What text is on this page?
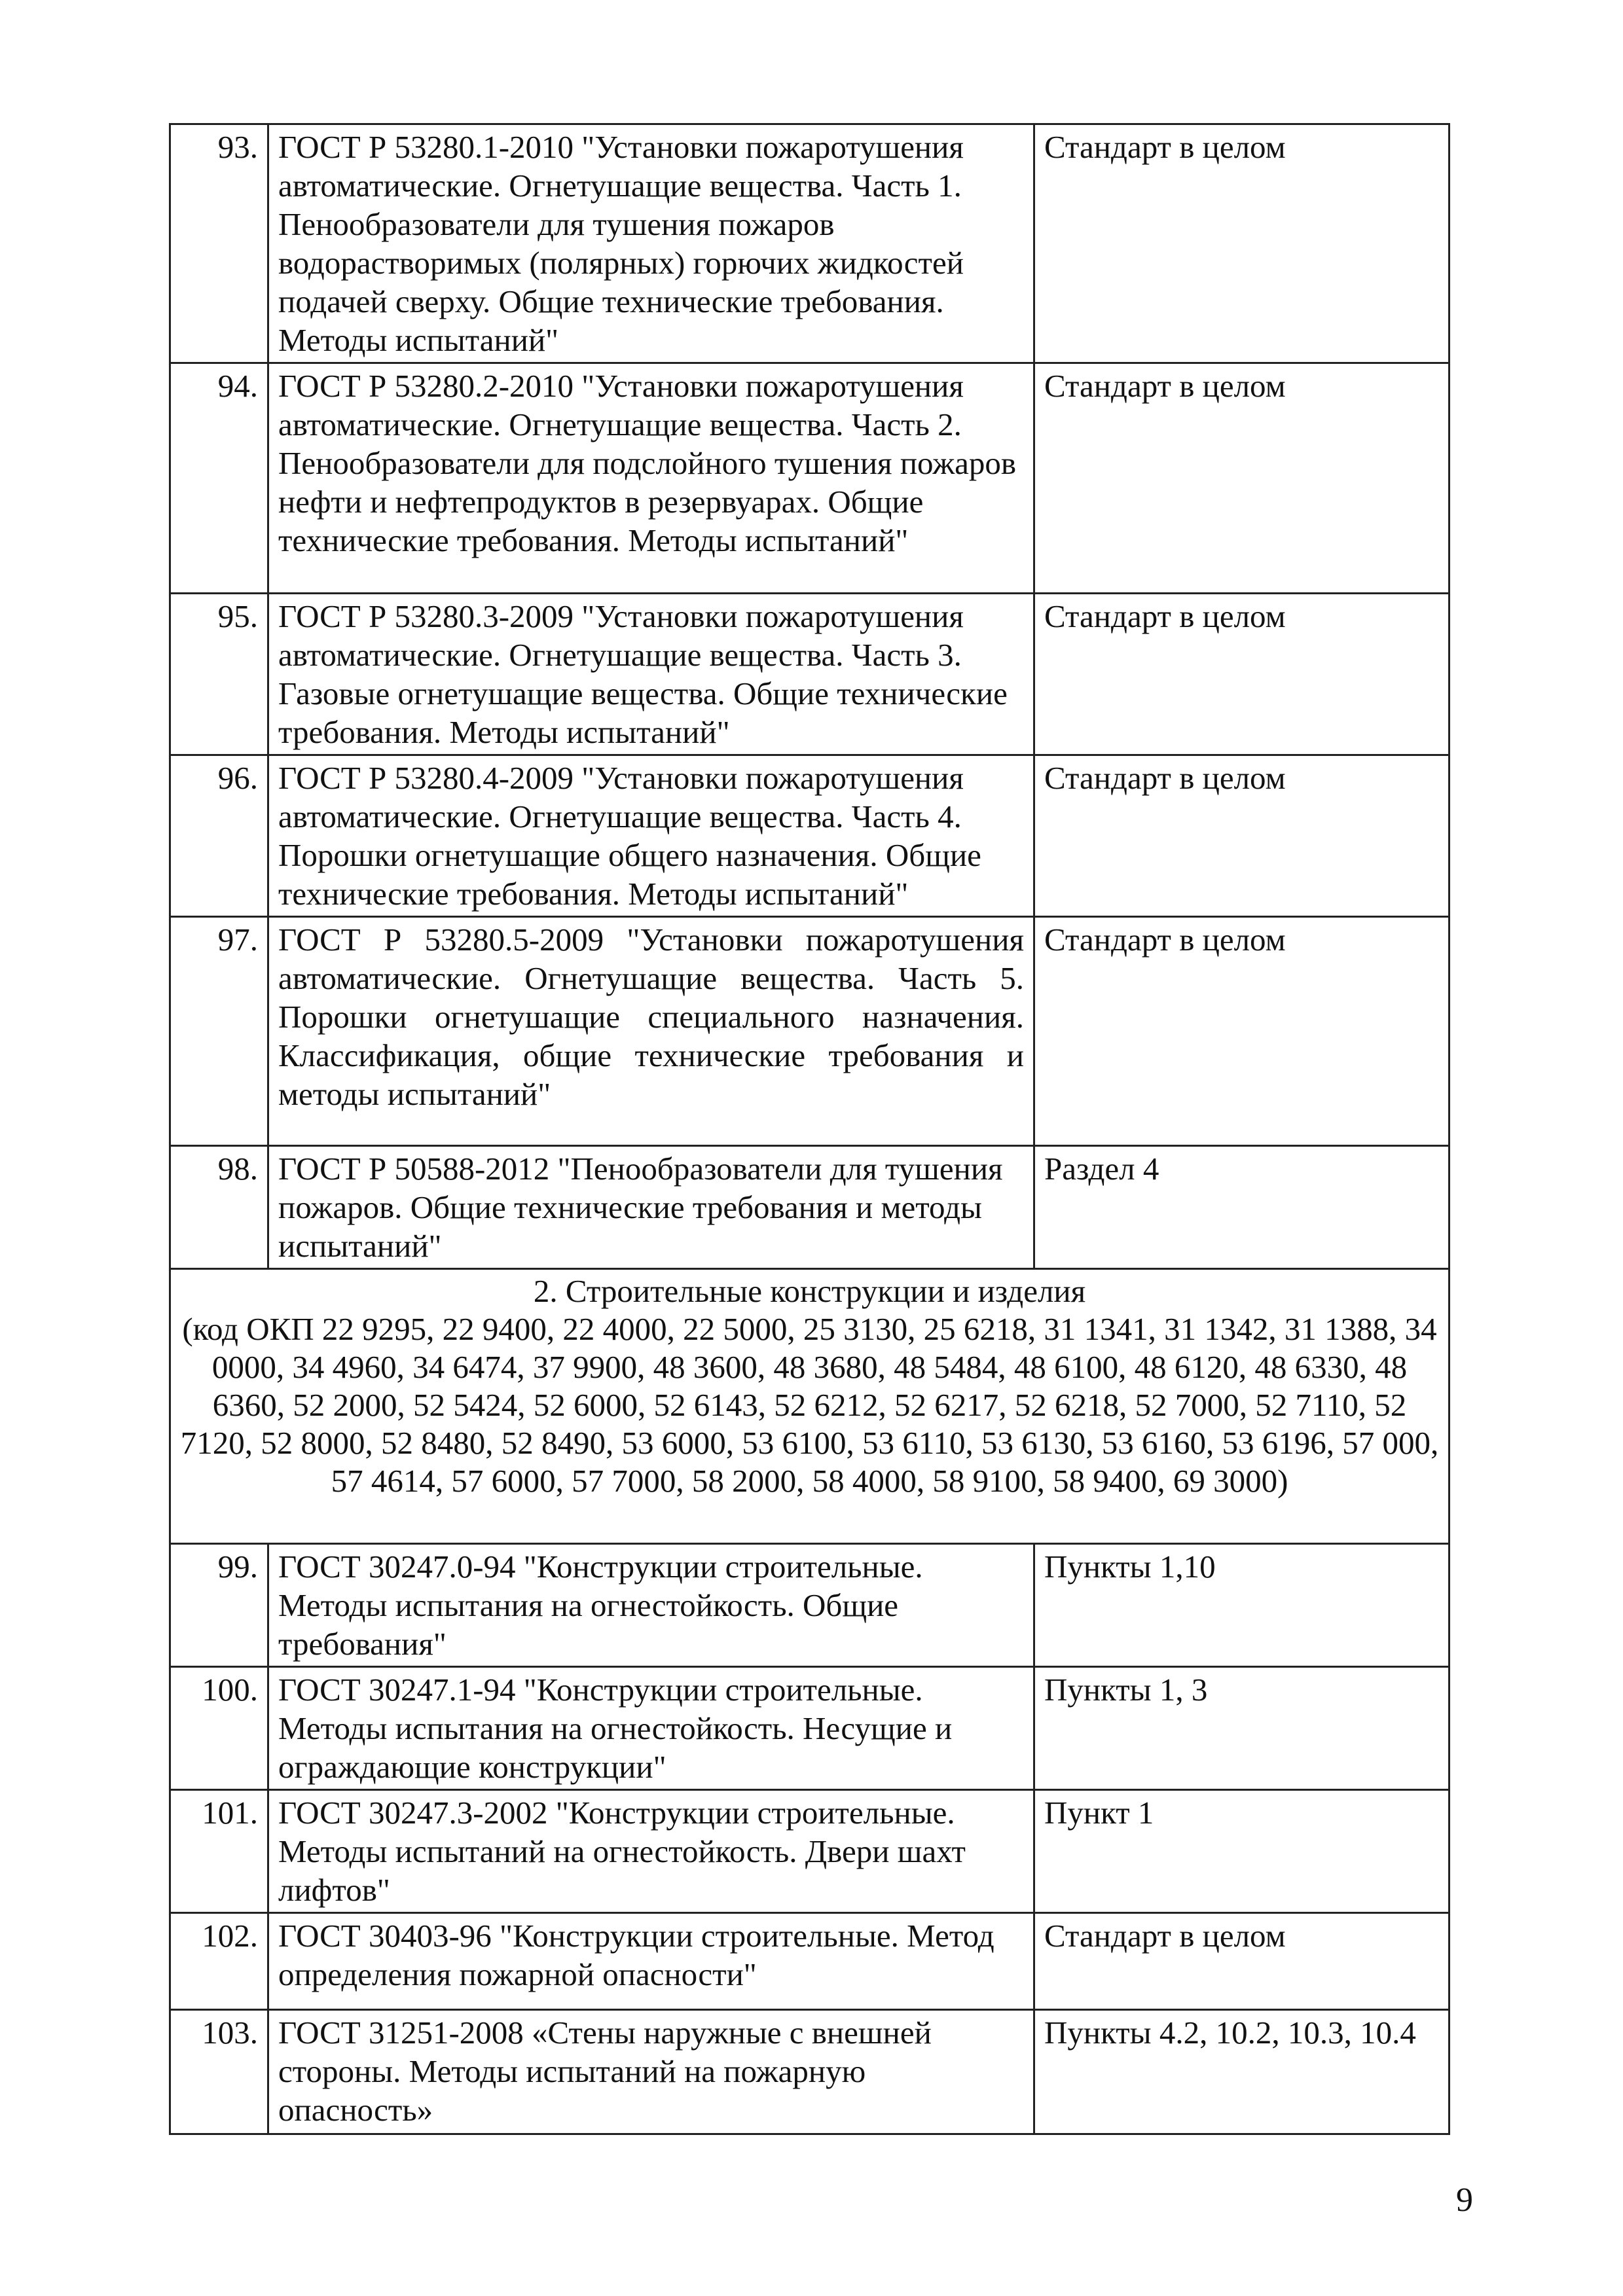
93.	ГОСТ Р 53280.1-2010 "Установки пожаротушения автоматические. Огнетушащие вещества. Часть 1. Пенообразователи для тушения пожаров водорастворимых (полярных) горючих жидкостей подачей сверху. Общие технические требования. Методы испытаний"	Стандарт в целом
94.	ГОСТ Р 53280.2-2010 "Установки пожаротушения автоматические. Огнетушащие вещества. Часть 2. Пенообразователи для подслойного тушения пожаров нефти и нефтепродуктов в резервуарах. Общие технические требования. Методы испытаний"	Стандарт в целом
95.	ГОСТ Р 53280.3-2009 "Установки пожаротушения автоматические. Огнетушащие вещества. Часть 3. Газовые огнетушащие вещества. Общие технические требования. Методы испытаний"	Стандарт в целом
96.	ГОСТ Р 53280.4-2009 "Установки пожаротушения автоматические. Огнетушащие вещества. Часть 4. Порошки огнетушащие общего назначения. Общие технические требования. Методы испытаний"	Стандарт в целом
97.	ГОСТ Р 53280.5-2009 "Установки пожаротушения автоматические. Огнетушащие вещества. Часть 5. Порошки огнетушащие специального назначения. Классификация, общие технические требования и методы испытаний"	Стандарт в целом
98.	ГОСТ Р 50588-2012 "Пенообразователи для тушения пожаров. Общие технические требования и методы испытаний"	Раздел 4

2. Строительные конструкции и изделия
(код ОКП 22 9295, 22 9400, 22 4000, 22 5000, 25 3130, 25 6218, 31 1341, 31 1342, 31 1388, 34 0000, 34 4960, 34 6474, 37 9900, 48 3600, 48 3680, 48 5484, 48 6100, 48 6120, 48 6330, 48 6360, 52 2000, 52 5424, 52 6000, 52 6143, 52 6212, 52 6217, 52 6218, 52 7000, 52 7110, 52 7120, 52 8000, 52 8480, 52 8490, 53 6000, 53 6100, 53 6110, 53 6130, 53 6160, 53 6196, 57 000, 57 4614, 57 6000, 57 7000, 58 2000, 58 4000, 58 9100, 58 9400, 69 3000)		

99.	ГОСТ 30247.0-94 "Конструкции строительные. Методы испытания на огнестойкость. Общие требования"	Пункты 1,10
100.	ГОСТ 30247.1-94 "Конструкции строительные. Методы испытания на огнестойкость. Несущие и ограждающие конструкции"	Пункты 1, 3
101.	ГОСТ 30247.3-2002 "Конструкции строительные. Методы испытаний на огнестойкость. Двери шахт лифтов"	Пункт 1
102.	ГОСТ 30403-96 "Конструкции строительные. Метод определения пожарной опасности"	Стандарт в целом
103.	ГОСТ 31251-2008 «Стены наружные с внешней стороны. Методы испытаний на пожарную опасность»	Пункты 4.2, 10.2, 10.3, 10.4
9
